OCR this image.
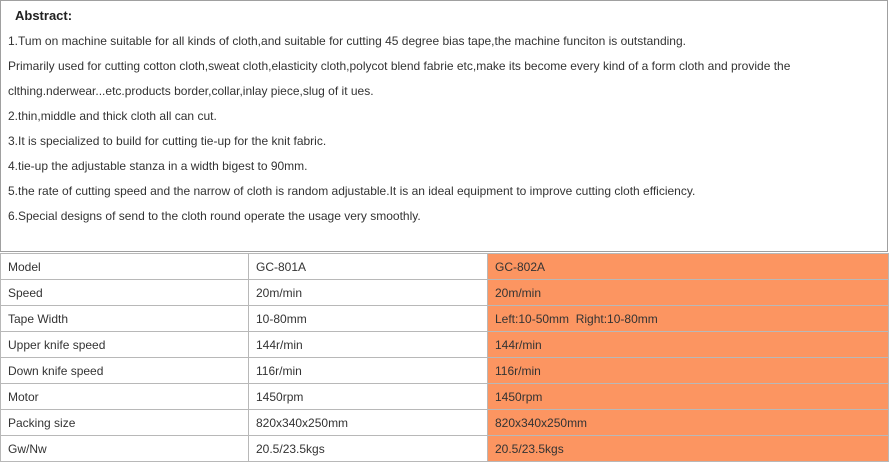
Abstract:
1.Tum on machine suitable for all kinds of cloth,and suitable for cutting 45 degree bias tape,the machine funciton is outstanding.
Primarily used for cutting cotton cloth,sweat cloth,elasticity cloth,polycot blend fabrie etc,make its become every kind of a form cloth and provide the
clthing.nderwear...etc.products border,collar,inlay piece,slug of it ues.
2.thin,middle and thick cloth all can cut.
3.It is specialized to build for cutting tie-up for the knit fabric.
4.tie-up the adjustable stanza in a width bigest to 90mm.
5.the rate of cutting speed and the narrow of cloth is random adjustable.It is an ideal equipment to improve cutting cloth efficiency.
6.Special designs of send to the cloth round operate the usage very smoothly.
Model	GC-801A	GC-802A
Speed	20m/min	20m/min
Tape Width	10-80mm	Left:10-50mm  Right:10-80mm
Upper knife speed	144r/min	144r/min
Down knife speed	116r/min	116r/min
Motor	1450rpm	1450rpm
Packing size	820x340x250mm	820x340x250mm
Gw/Nw	20.5/23.5kgs	20.5/23.5kgs
